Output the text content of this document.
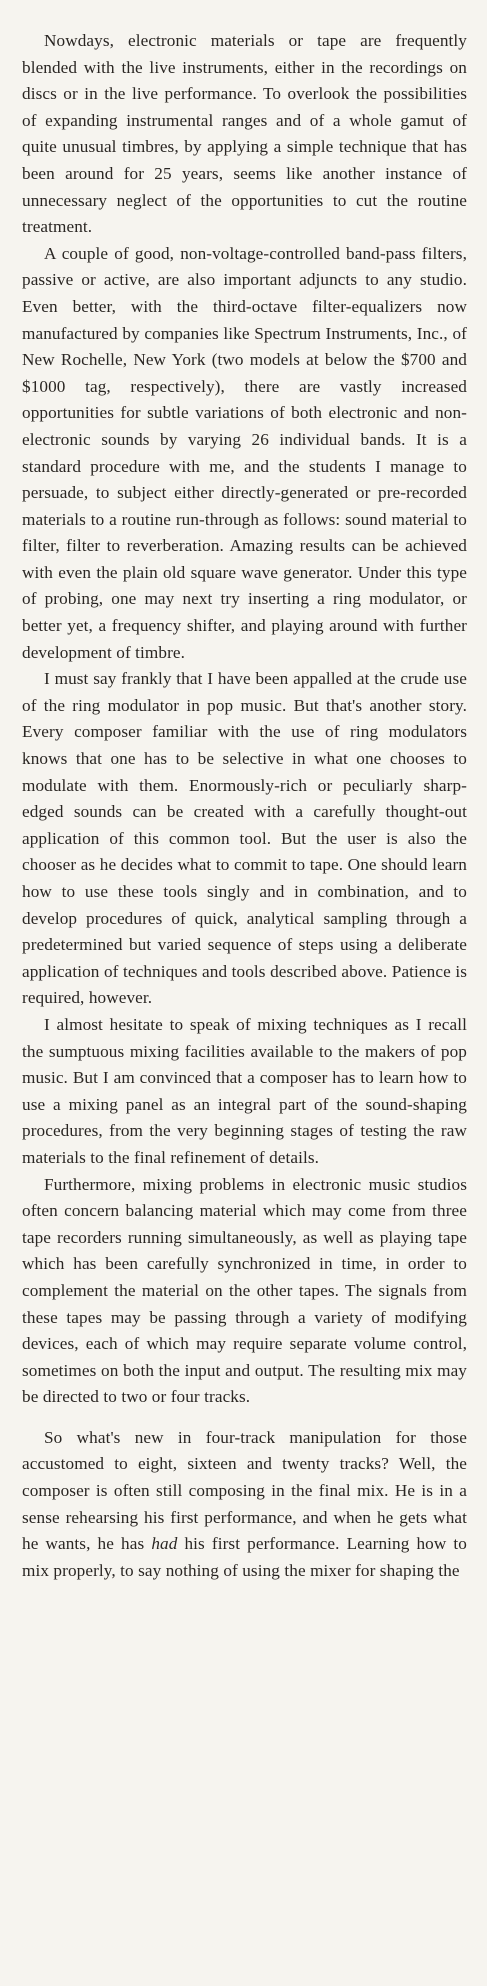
Nowdays, electronic materials or tape are frequently blended with the live instruments, either in the recordings on discs or in the live performance. To overlook the possibilities of expanding instrumental ranges and of a whole gamut of quite unusual timbres, by applying a simple technique that has been around for 25 years, seems like another instance of unnecessary neglect of the opportunities to cut the routine treatment.

A couple of good, non-voltage-controlled band-pass filters, passive or active, are also important adjuncts to any studio. Even better, with the third-octave filter-equalizers now manufactured by companies like Spectrum Instruments, Inc., of New Rochelle, New York (two models at below the $700 and $1000 tag, respectively), there are vastly increased opportunities for subtle variations of both electronic and non-electronic sounds by varying 26 individual bands. It is a standard procedure with me, and the students I manage to persuade, to subject either directly-generated or pre-recorded materials to a routine run-through as follows: sound material to filter, filter to reverberation. Amazing results can be achieved with even the plain old square wave generator. Under this type of probing, one may next try inserting a ring modulator, or better yet, a frequency shifter, and playing around with further development of timbre.

I must say frankly that I have been appalled at the crude use of the ring modulator in pop music. But that's another story. Every composer familiar with the use of ring modulators knows that one has to be selective in what one chooses to modulate with them. Enormously-rich or peculiarly sharp-edged sounds can be created with a carefully thought-out application of this common tool. But the user is also the chooser as he decides what to commit to tape. One should learn how to use these tools singly and in combination, and to develop procedures of quick, analytical sampling through a predetermined but varied sequence of steps using a deliberate application of techniques and tools described above. Patience is required, however.

I almost hesitate to speak of mixing techniques as I recall the sumptuous mixing facilities available to the makers of pop music. But I am convinced that a composer has to learn how to use a mixing panel as an integral part of the sound-shaping procedures, from the very beginning stages of testing the raw materials to the final refinement of details.

Furthermore, mixing problems in electronic music studios often concern balancing material which may come from three tape recorders running simultaneously, as well as playing tape which has been carefully synchronized in time, in order to complement the material on the other tapes. The signals from these tapes may be passing through a variety of modifying devices, each of which may require separate volume control, sometimes on both the input and output. The resulting mix may be directed to two or four tracks.

So what's new in four-track manipulation for those accustomed to eight, sixteen and twenty tracks? Well, the composer is often still composing in the final mix. He is in a sense rehearsing his first performance, and when he gets what he wants, he has had his first performance. Learning how to mix properly, to say nothing of using the mixer for shaping the
